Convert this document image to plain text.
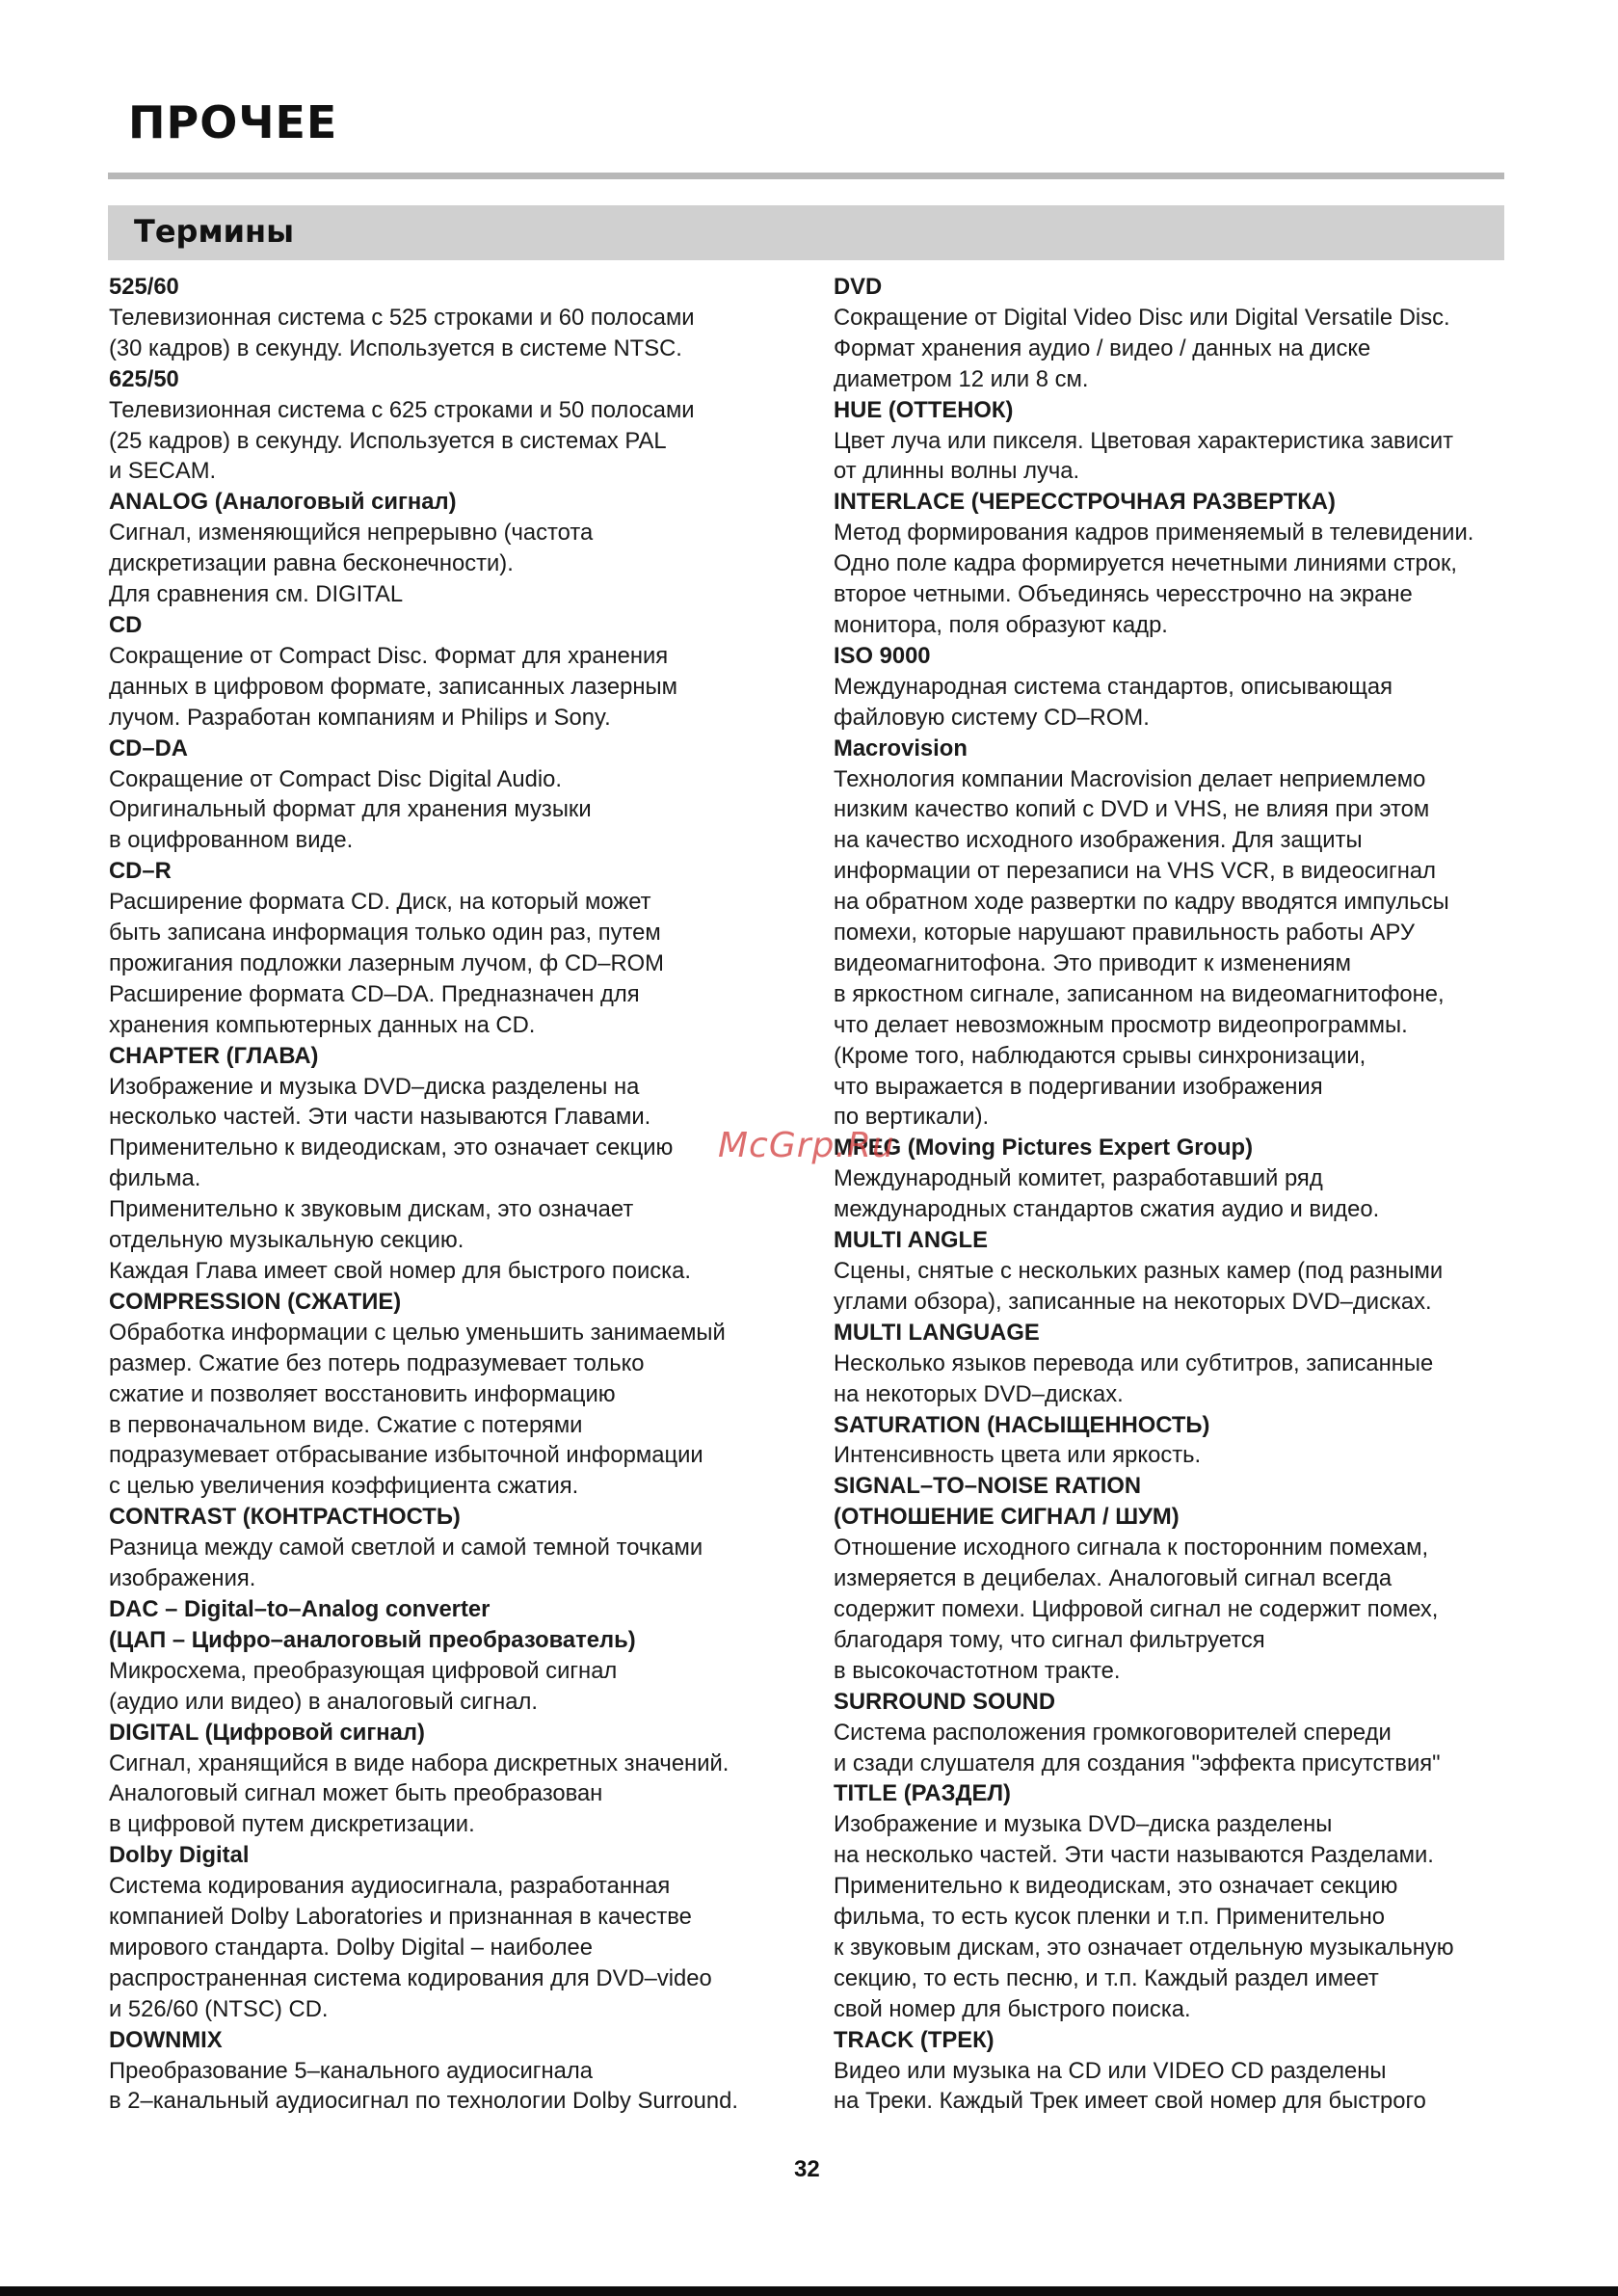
ПРОЧЕЕ
Термины
525/60
Телевизионная система с 525 строками и 60 полосами
(30 кадров) в секунду. Используется в системе NTSC.
625/50
Телевизионная система с 625 строками и 50 полосами
(25 кадров) в секунду. Используется в системах PAL
и SECAM.
ANALOG (Аналоговый сигнал)
Сигнал, изменяющийся непрерывно (частота
дискретизации равна бесконечности).
Для сравнения см. DIGITAL
CD
Сокращение от Compact Disc. Формат для хранения
данных в цифровом формате, записанных лазерным
лучом. Разработан компаниям и Philips и Sony.
CD–DA
Сокращение от Compact Disc Digital Audio.
Оригинальный формат для хранения музыки
в оцифрованном виде.
CD–R
Расширение формата CD. Диск, на который может
быть записана информация только один раз, путем
прожигания подложки лазерным лучом, ф CD–ROM
Расширение формата CD–DA. Предназначен для
хранения компьютерных данных на CD.
CHAPTER (ГЛАВА)
Изображение и музыка DVD–диска разделены на
несколько частей. Эти части называются Главами.
Применительно к видеодискам, это означает секцию
фильма.
Применительно к звуковым дискам, это означает
отдельную музыкальную секцию.
Каждая Глава имеет свой номер для быстрого поиска.
COMPRESSION (СЖАТИЕ)
Обработка информации с целью уменьшить занимаемый
размер. Сжатие без потерь подразумевает только
сжатие и позволяет восстановить информацию
в первоначальном виде. Сжатие с потерями
подразумевает отбрасывание избыточной информации
с целью увеличения коэффициента сжатия.
CONTRAST (КОНТРАСТНОСТЬ)
Разница между самой светлой и самой темной точками
изображения.
DAC – Digital–to–Analog converter
(ЦАП – Цифро–аналоговый преобразователь)
Микросхема, преобразующая цифровой сигнал
(аудио или видео) в аналоговый сигнал.
DIGITAL (Цифровой сигнал)
Сигнал, хранящийся в виде набора дискретных значений.
Аналоговый сигнал может быть преобразован
в цифровой путем дискретизации.
Dolby Digital
Система кодирования аудиосигнала, разработанная
компанией Dolby Laboratories и признанная в качестве
мирового стандарта. Dolby Digital – наиболее
распространенная система кодирования для DVD–video
и 526/60 (NTSC) CD.
DOWNMIX
Преобразование 5–канального аудиосигнала
в 2–канальный аудиосигнал по технологии Dolby Surround.
DVD
Сокращение от Digital Video Disc или Digital Versatile Disc.
Формат хранения аудио / видео / данных на диске
диаметром 12 или 8 см.
HUE (ОТТЕНОК)
Цвет луча или пикселя. Цветовая характеристика зависит
от длинны волны луча.
INTERLACE (ЧЕРЕССТРОЧНАЯ РАЗВЕРТКА)
Метод формирования кадров применяемый в телевидении.
Одно поле кадра формируется нечетными линиями строк,
второе четными. Объединясь чересстрочно на экране
монитора, поля образуют кадр.
ISO 9000
Международная система стандартов, описывающая
файловую систему CD–ROM.
Macrovision
Технология компании Macrovision делает неприемлемо
низким качество копий с DVD и VHS, не влияя при этом
на качество исходного изображения. Для защиты
информации от перезаписи на VHS VCR, в видеосигнал
на обратном ходе развертки по кадру вводятся импульсы
помехи, которые нарушают правильность работы АРУ
видеомагнитофона. Это приводит к изменениям
в яркостном сигнале, записанном на видеомагнитофоне,
что делает невозможным просмотр видеопрограммы.
(Кроме того, наблюдаются срывы синхронизации,
что выражается в подергивании изображения
по вертикали).
MPEG (Moving Pictures Expert Group)
Международный комитет, разработавший ряд
международных стандартов сжатия аудио и видео.
MULTI ANGLE
Сцены, снятые с нескольких разных камер (под разными
углами обзора), записанные на некоторых DVD–дисках.
MULTI LANGUAGE
Несколько языков перевода или субтитров, записанные
на некоторых DVD–дисках.
SATURATION (НАСЫЩЕННОСТЬ)
Интенсивность цвета или яркость.
SIGNAL–TO–NOISE RATION
(ОТНОШЕНИЕ СИГНАЛ / ШУМ)
Отношение исходного сигнала к посторонним помехам,
измеряется в децибелах. Аналоговый сигнал всегда
содержит помехи. Цифровой сигнал не содержит помех,
благодаря тому, что сигнал фильтруется
в высокочастотном тракте.
SURROUND SOUND
Система расположения громкоговорителей спереди
и сзади слушателя для создания "эффекта присутствия"
TITLE (РАЗДЕЛ)
Изображение и музыка DVD–диска разделены
на несколько частей. Эти части называются Разделами.
Применительно к видеодискам, это означает секцию
фильма, то есть кусок пленки и т.п. Применительно
к звуковым дискам, это означает отдельную музыкальную
секцию, то есть песню, и т.п. Каждый раздел имеет
свой номер для быстрого поиска.
TRACK (ТРЕК)
Видео или музыка на CD или VIDEO CD разделены
на Треки. Каждый Трек имеет свой номер для быстрого
McGrp.Ru
32
